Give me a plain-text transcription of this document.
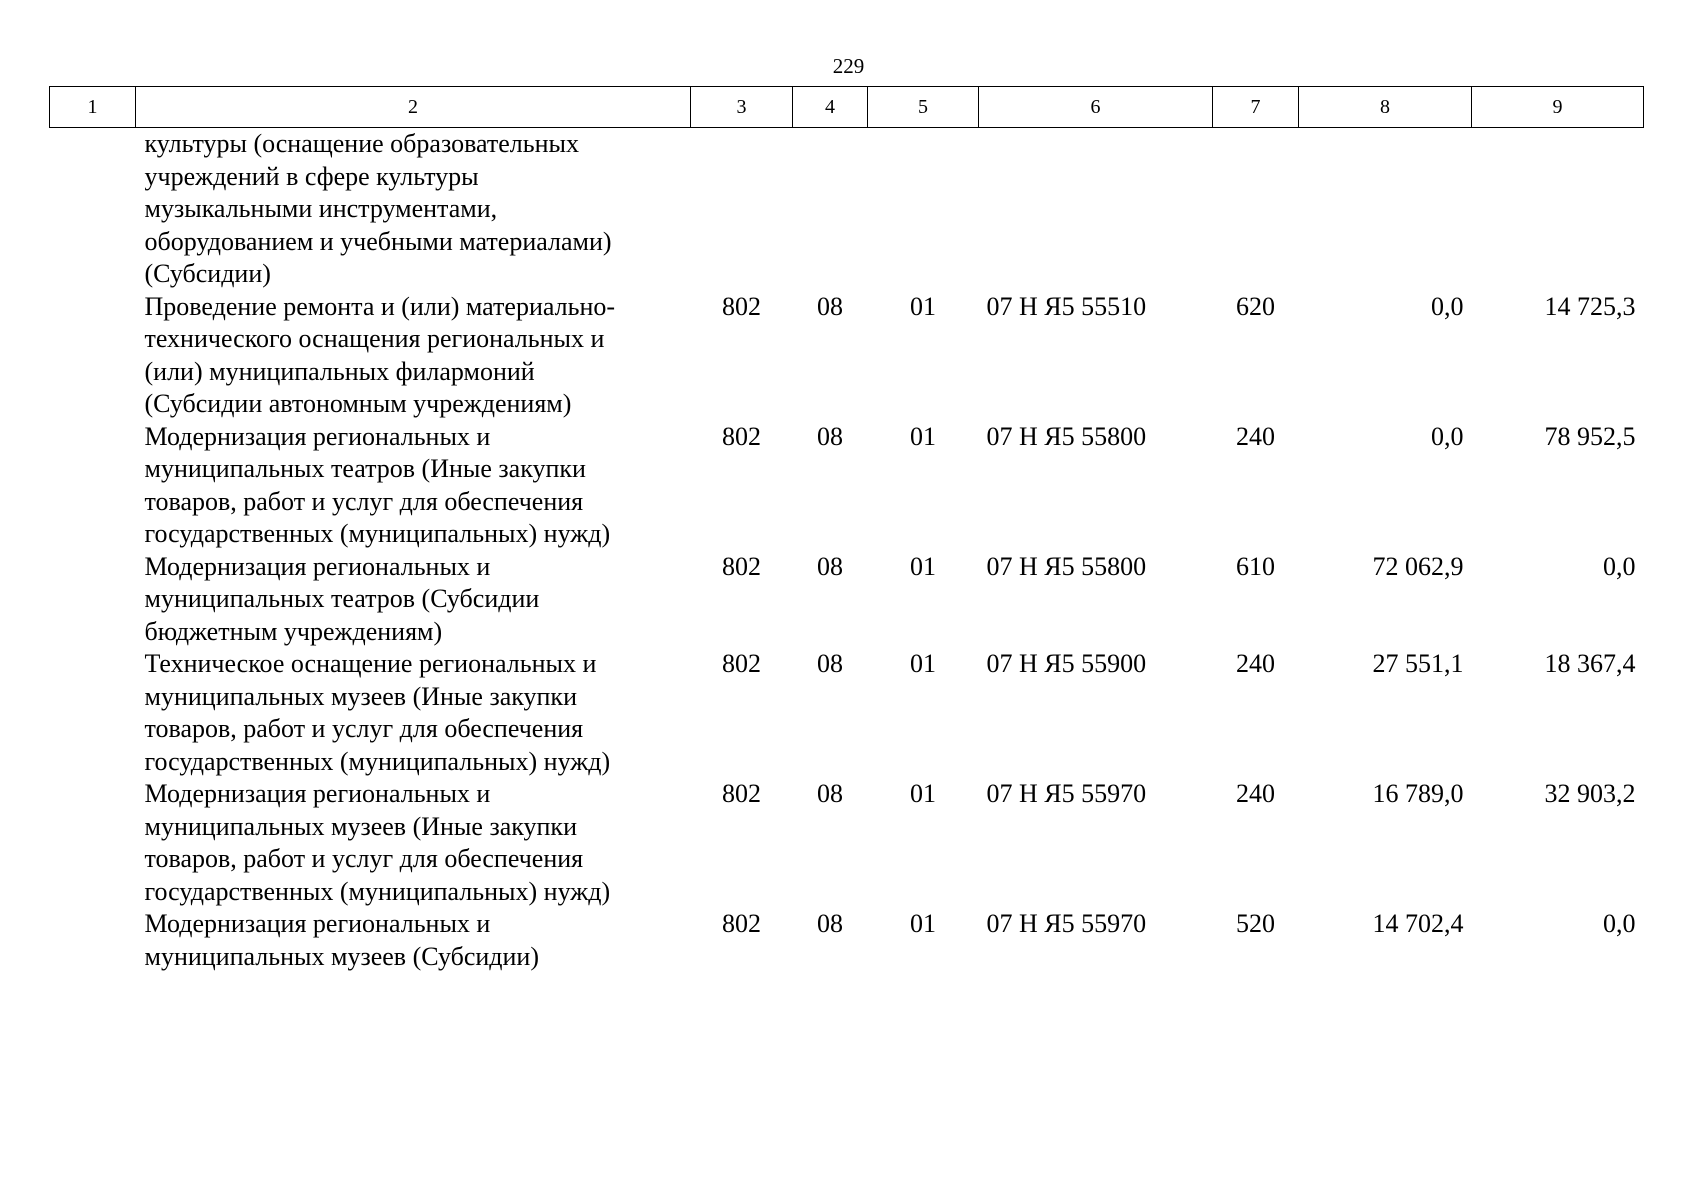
229
1	2	3	4	5	6	7	8	9

	культуры (оснащение образовательных
учреждений в сфере культуры
музыкальными инструментами,
оборудованием и учебными материалами)
(Субсидии)							

	Проведение ремонта и (или) материально-
технического оснащения региональных и
(или) муниципальных филармоний
(Субсидии автономным учреждениям)	802	08	01	07 Н Я5 55510	620	0,0	14 725,3

	Модернизация региональных и
муниципальных театров (Иные закупки
товаров, работ и услуг для обеспечения
государственных (муниципальных) нужд)	802	08	01	07 Н Я5 55800	240	0,0	78 952,5

	Модернизация региональных и
муниципальных театров (Субсидии
бюджетным учреждениям)	802	08	01	07 Н Я5 55800	610	72 062,9	0,0

	Техническое оснащение региональных и
муниципальных музеев (Иные закупки
товаров, работ и услуг для обеспечения
государственных (муниципальных) нужд)	802	08	01	07 Н Я5 55900	240	27 551,1	18 367,4

	Модернизация региональных и
муниципальных музеев (Иные закупки
товаров, работ и услуг для обеспечения
государственных (муниципальных) нужд)	802	08	01	07 Н Я5 55970	240	16 789,0	32 903,2

	Модернизация региональных и
муниципальных музеев (Субсидии)	802	08	01	07 Н Я5 55970	520	14 702,4	0,0
